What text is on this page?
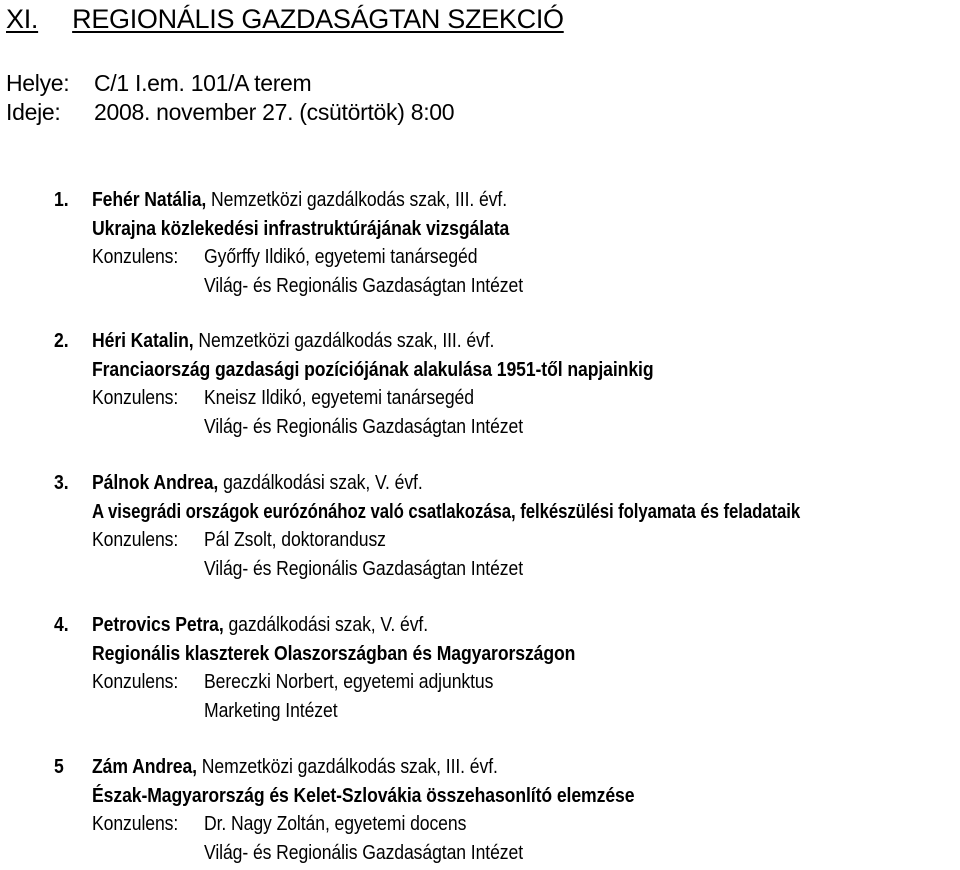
XI. REGIONÁLIS GAZDASÁGTAN SZEKCIÓ
Helye: C/1 I.em. 101/A terem
Ideje: 2008. november 27. (csütörtök) 8:00
1. Fehér Natália, Nemzetközi gazdálkodás szak, III. évf.
Ukrajna közlekedési infrastruktúrájának vizsgálata
Konzulens: Győrffy Ildikó, egyetemi tanársegéd
Világ- és Regionális Gazdaságtan Intézet
2. Héri Katalin, Nemzetközi gazdálkodás szak, III. évf.
Franciaország gazdasági pozíciójának alakulása 1951-től napjainkig
Konzulens: Kneisz Ildikó, egyetemi tanársegéd
Világ- és Regionális Gazdaságtan Intézet
3. Pálnok Andrea, gazdálkodási szak, V. évf.
A visegrádi országok eurózónához való csatlakozása, felkészülési folyamata és feladataik
Konzulens: Pál Zsolt, doktorandusz
Világ- és Regionális Gazdaságtan Intézet
4. Petrovics Petra, gazdálkodási szak, V. évf.
Regionális klaszterek Olaszországban és Magyarországon
Konzulens: Bereczki Norbert, egyetemi adjunktus
Marketing Intézet
5 Zám Andrea, Nemzetközi gazdálkodás szak, III. évf.
Észak-Magyarország és Kelet-Szlovákia összehasonlító elemzése
Konzulens: Dr. Nagy Zoltán, egyetemi docens
Világ- és Regionális Gazdaságtan Intézet
